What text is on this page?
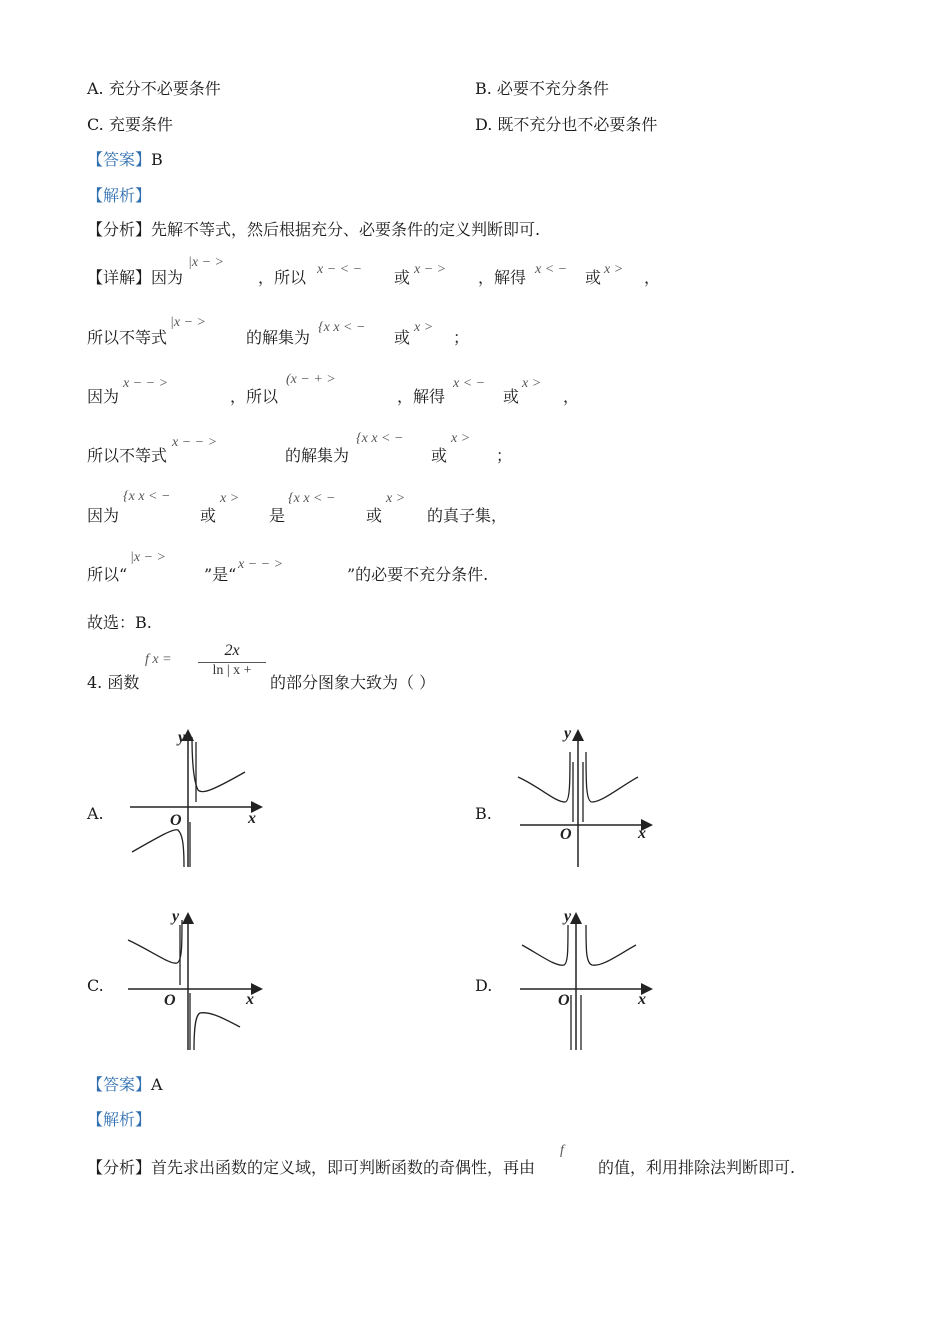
A. 充分不必要条件	B. 必要不充分条件
C. 充要条件	D. 既不充分也不必要条件
【答案】B
【解析】
【分析】先解不等式，然后根据充分、必要条件的定义判断即可.
【详解】因为
|x − >
，所以 x − < − 或 x − > ，解得 x < − 或 x > ，
所以不等式
|x − >
的解集为
{x x < −
或
x >
；
因为
x − − >
，所以
(x − + >
，解得
x < −
或
x >
，
所以不等式
x − − >
的解集为
{x x < −
或
x >
；
因为
{x x < −
或
x >
是
{x x < −
或
x >
的真子集，
所以“
|x − >
”是“
x − − >
”的必要不充分条件.
故选：B.
4. 函数
f x =
2x
ln | x +
的部分图象大致为（ ）
A.	B.
C.	D.
y
x
O
y
x
O
y
x
O
y
x
O
【答案】A
【解析】
【分析】首先求出函数的定义域，即可判断函数的奇偶性，再由
f
的值，利用排除法判断即可.
